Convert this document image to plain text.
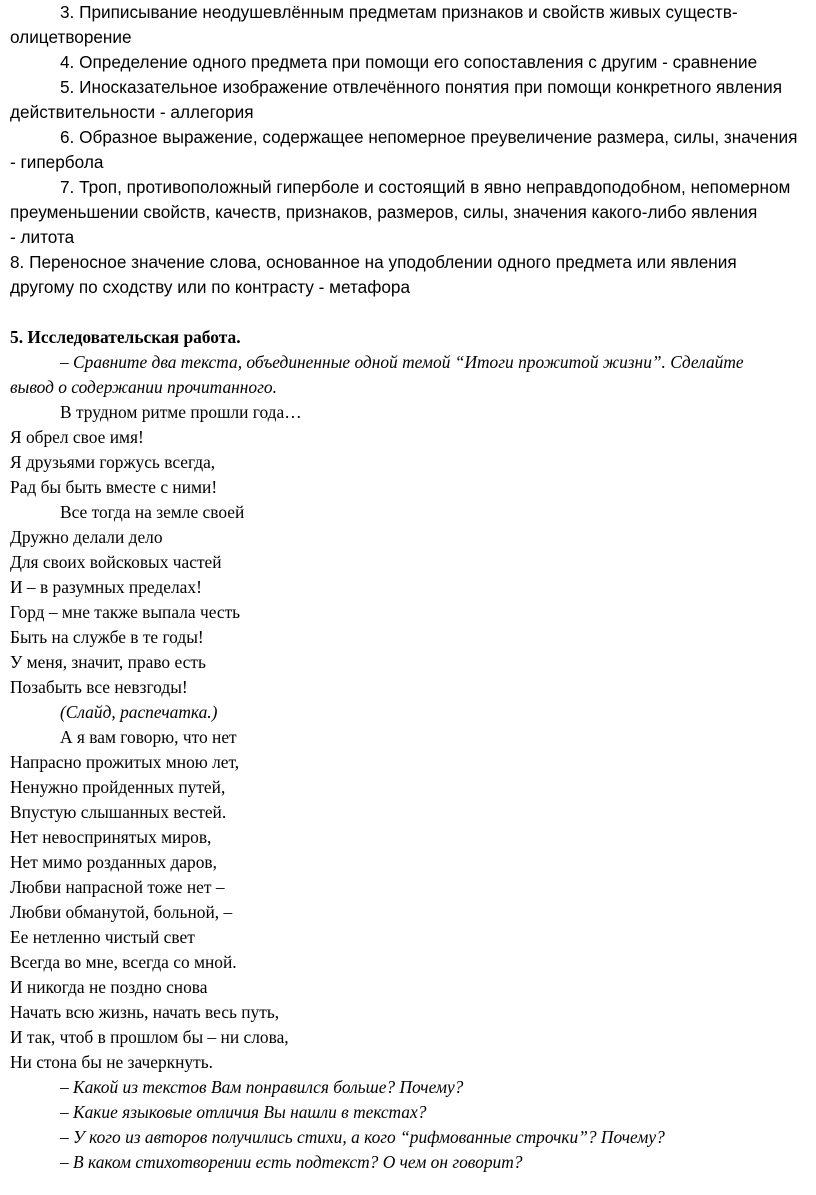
3. Приписывание неодушевлённым предметам признаков и свойств живых существ-

олицетворение

4. Определение одного предмета при помощи его сопоставления с другим - сравнение

5. Иносказательное изображение отвлечённого понятия при помощи конкретного явления

действительности - аллегория

6. Образное выражение, содержащее непомерное преувеличение размера, силы, значения

- гипербола

7. Троп, противоположный гиперболе и состоящий в явно неправдоподобном, непомерном

преуменьшении свойств, качеств, признаков, размеров, силы, значения какого-либо явления

- литота

8. Переносное значение слова, основанное на уподоблении одного предмета или явления

другому по сходству или по контрасту - метафора

5. Исследовательская работа.

– Сравните два текста, объединенные одной темой “Итоги прожитой жизни”. Сделайте

вывод о содержании прочитанного.

В трудном ритме прошли года…

Я обрел свое имя!

Я друзьями горжусь всегда,

Рад бы быть вместе с ними!

Все тогда на земле своей

Дружно делали дело

Для своих войсковых частей

И – в разумных пределах!

Горд – мне также выпала честь

Быть на службе в те годы!

У меня, значит, право есть

Позабыть все невзгоды!

(Слайд, распечатка.)

А я вам говорю, что нет

Напрасно прожитых мною лет,

Ненужно пройденных путей,

Впустую слышанных вестей.

Нет невоспринятых миров,

Нет мимо розданных даров,

Любви напрасной тоже нет –

Любви обманутой, больной, –

Ее нетленно чистый свет

Всегда во мне, всегда со мной.

И никогда не поздно снова

Начать всю жизнь, начать весь путь,

И так, чтоб в прошлом бы – ни слова,

Ни стона бы не зачеркнуть.

– Какой из текстов Вам понравился больше? Почему?

– Какие языковые отличия Вы нашли в текстах?

– У кого из авторов получились стихи, а кого “рифмованные строчки”? Почему?

– В каком стихотворении есть подтекст? О чем он говорит?
